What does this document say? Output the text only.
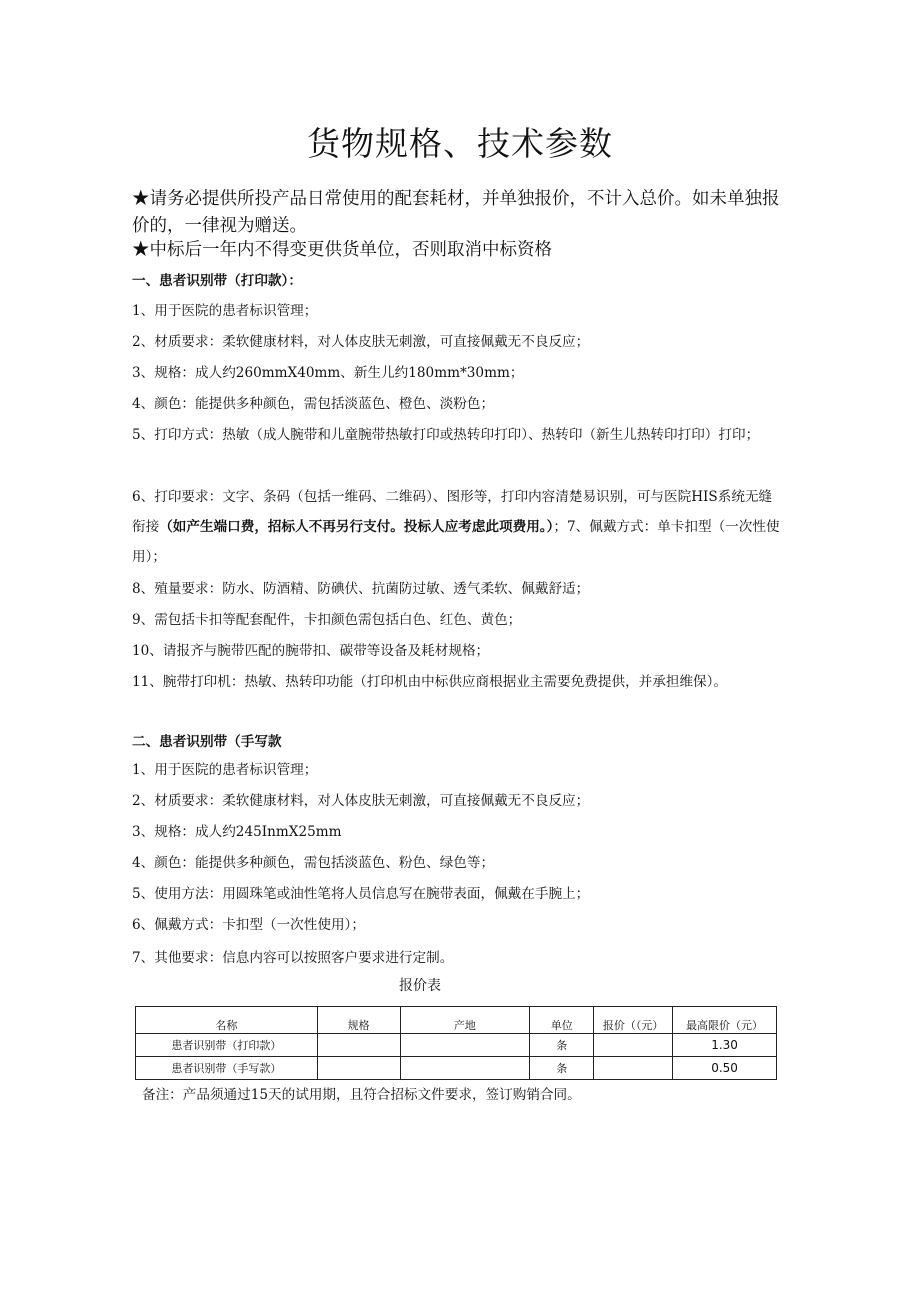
货物规格、技术参数
★请务必提供所投产品日常使用的配套耗材，并单独报价，不计入总价。如未单独报价的，一律视为赠送。
★中标后一年内不得变更供货单位，否则取消中标资格
一、患者识别带（打印款）：
1、用于医院的患者标识管理；
2、材质要求：柔软健康材料，对人体皮肤无刺激，可直接佩戴无不良反应；
3、规格：成人约260mmX40mm、新生儿约180mm*30mm；
4、颜色：能提供多种颜色，需包括淡蓝色、橙色、淡粉色；
5、打印方式：热敏（成人腕带和儿童腕带热敏打印或热转印打印）、热转印（新生儿热转印打印）打印；
6、打印要求：文字、条码（包括一维码、二维码）、图形等，打印内容清楚易识别，可与医院HIS系统无缝衔接（如产生端口费，招标人不再另行支付。投标人应考虑此项费用。）；7、佩戴方式：单卡扣型（一次性使用）；
8、殖量要求：防水、防酒精、防碘伏、抗菌防过敏、透气柔软、佩戴舒适；
9、需包括卡扣等配套配件，卡扣颜色需包括白色、红色、黄色；
10、请报齐与腕带匹配的腕带扣、碳带等设备及耗材规格；
11、腕带打印机：热敏、热转印功能（打印机由中标供应商根据业主需要免费提供，并承担维保）。
二、患者识别带（手写款
1、用于医院的患者标识管理；
2、材质要求：柔软健康材料，对人体皮肤无刺激，可直接佩戴无不良反应；
3、规格：成人约245InmX25mm
4、颜色：能提供多种颜色，需包括淡蓝色、粉色、绿色等；
5、使用方法：用圆珠笔或油性笔将人员信息写在腕带表面，佩戴在手腕上；
6、佩戴方式：卡扣型（一次性使用）；
7、其他要求：信息内容可以按照客户要求进行定制。
报价表
名称	规格	产地	单位	报价（（元）	最高限价（元）
患者识别带（打印款）			条		1.30
患者识别带（手写款）			条		0.50
备注：产品须通过15天的试用期，且符合招标文件要求，签订购销合同。
